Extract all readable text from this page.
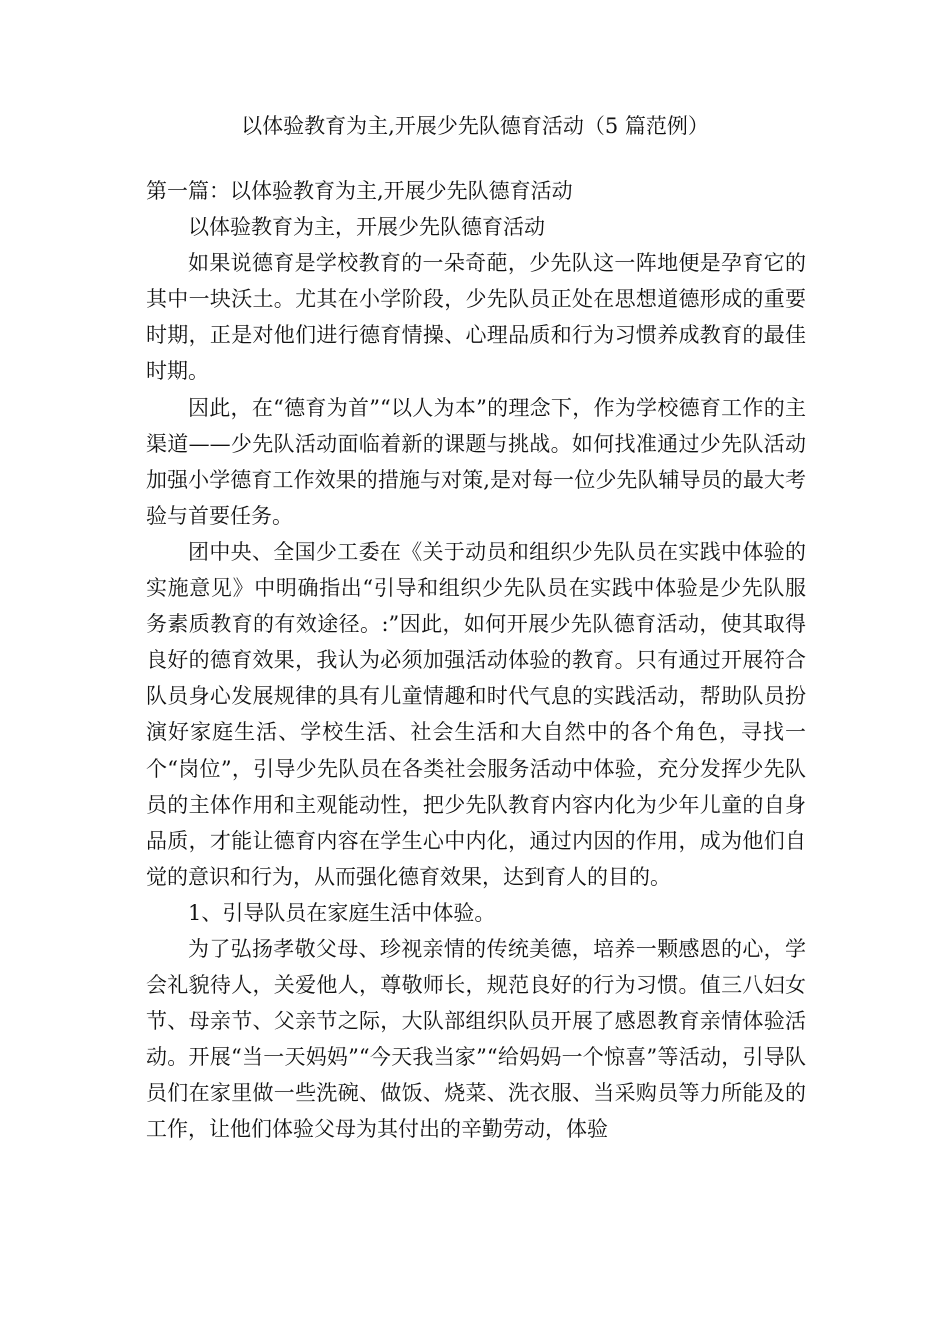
以体验教育为主,开展少先队德育活动（5 篇范例）

第一篇：以体验教育为主,开展少先队德育活动

以体验教育为主，开展少先队德育活动

如果说德育是学校教育的一朵奇葩，少先队这一阵地便是孕育它的其中一块沃土。尤其在小学阶段，少先队员正处在思想道德形成的重要时期，正是对他们进行德育情操、心理品质和行为习惯养成教育的最佳时期。

因此，在“德育为首”“以人为本”的理念下，作为学校德育工作的主渠道——少先队活动面临着新的课题与挑战。如何找准通过少先队活动加强小学德育工作效果的措施与对策,是对每一位少先队辅导员的最大考验与首要任务。

团中央、全国少工委在《关于动员和组织少先队员在实践中体验的实施意见》中明确指出“引导和组织少先队员在实践中体验是少先队服务素质教育的有效途径。:”因此，如何开展少先队德育活动，使其取得良好的德育效果，我认为必须加强活动体验的教育。只有通过开展符合队员身心发展规律的具有儿童情趣和时代气息的实践活动，帮助队员扮演好家庭生活、学校生活、社会生活和大自然中的各个角色，寻找一个“岗位”，引导少先队员在各类社会服务活动中体验，充分发挥少先队员的主体作用和主观能动性，把少先队教育内容内化为少年儿童的自身品质，才能让德育内容在学生心中内化，通过内因的作用，成为他们自觉的意识和行为，从而强化德育效果，达到育人的目的。

1、引导队员在家庭生活中体验。

为了弘扬孝敬父母、珍视亲情的传统美德，培养一颗感恩的心，学会礼貌待人，关爱他人，尊敬师长，规范良好的行为习惯。值三八妇女节、母亲节、父亲节之际，大队部组织队员开展了感恩教育亲情体验活动。开展“当一天妈妈”“今天我当家”“给妈妈一个惊喜”等活动，引导队员们在家里做一些洗碗、做饭、烧菜、洗衣服、当采购员等力所能及的工作，让他们体验父母为其付出的辛勤劳动，体验
